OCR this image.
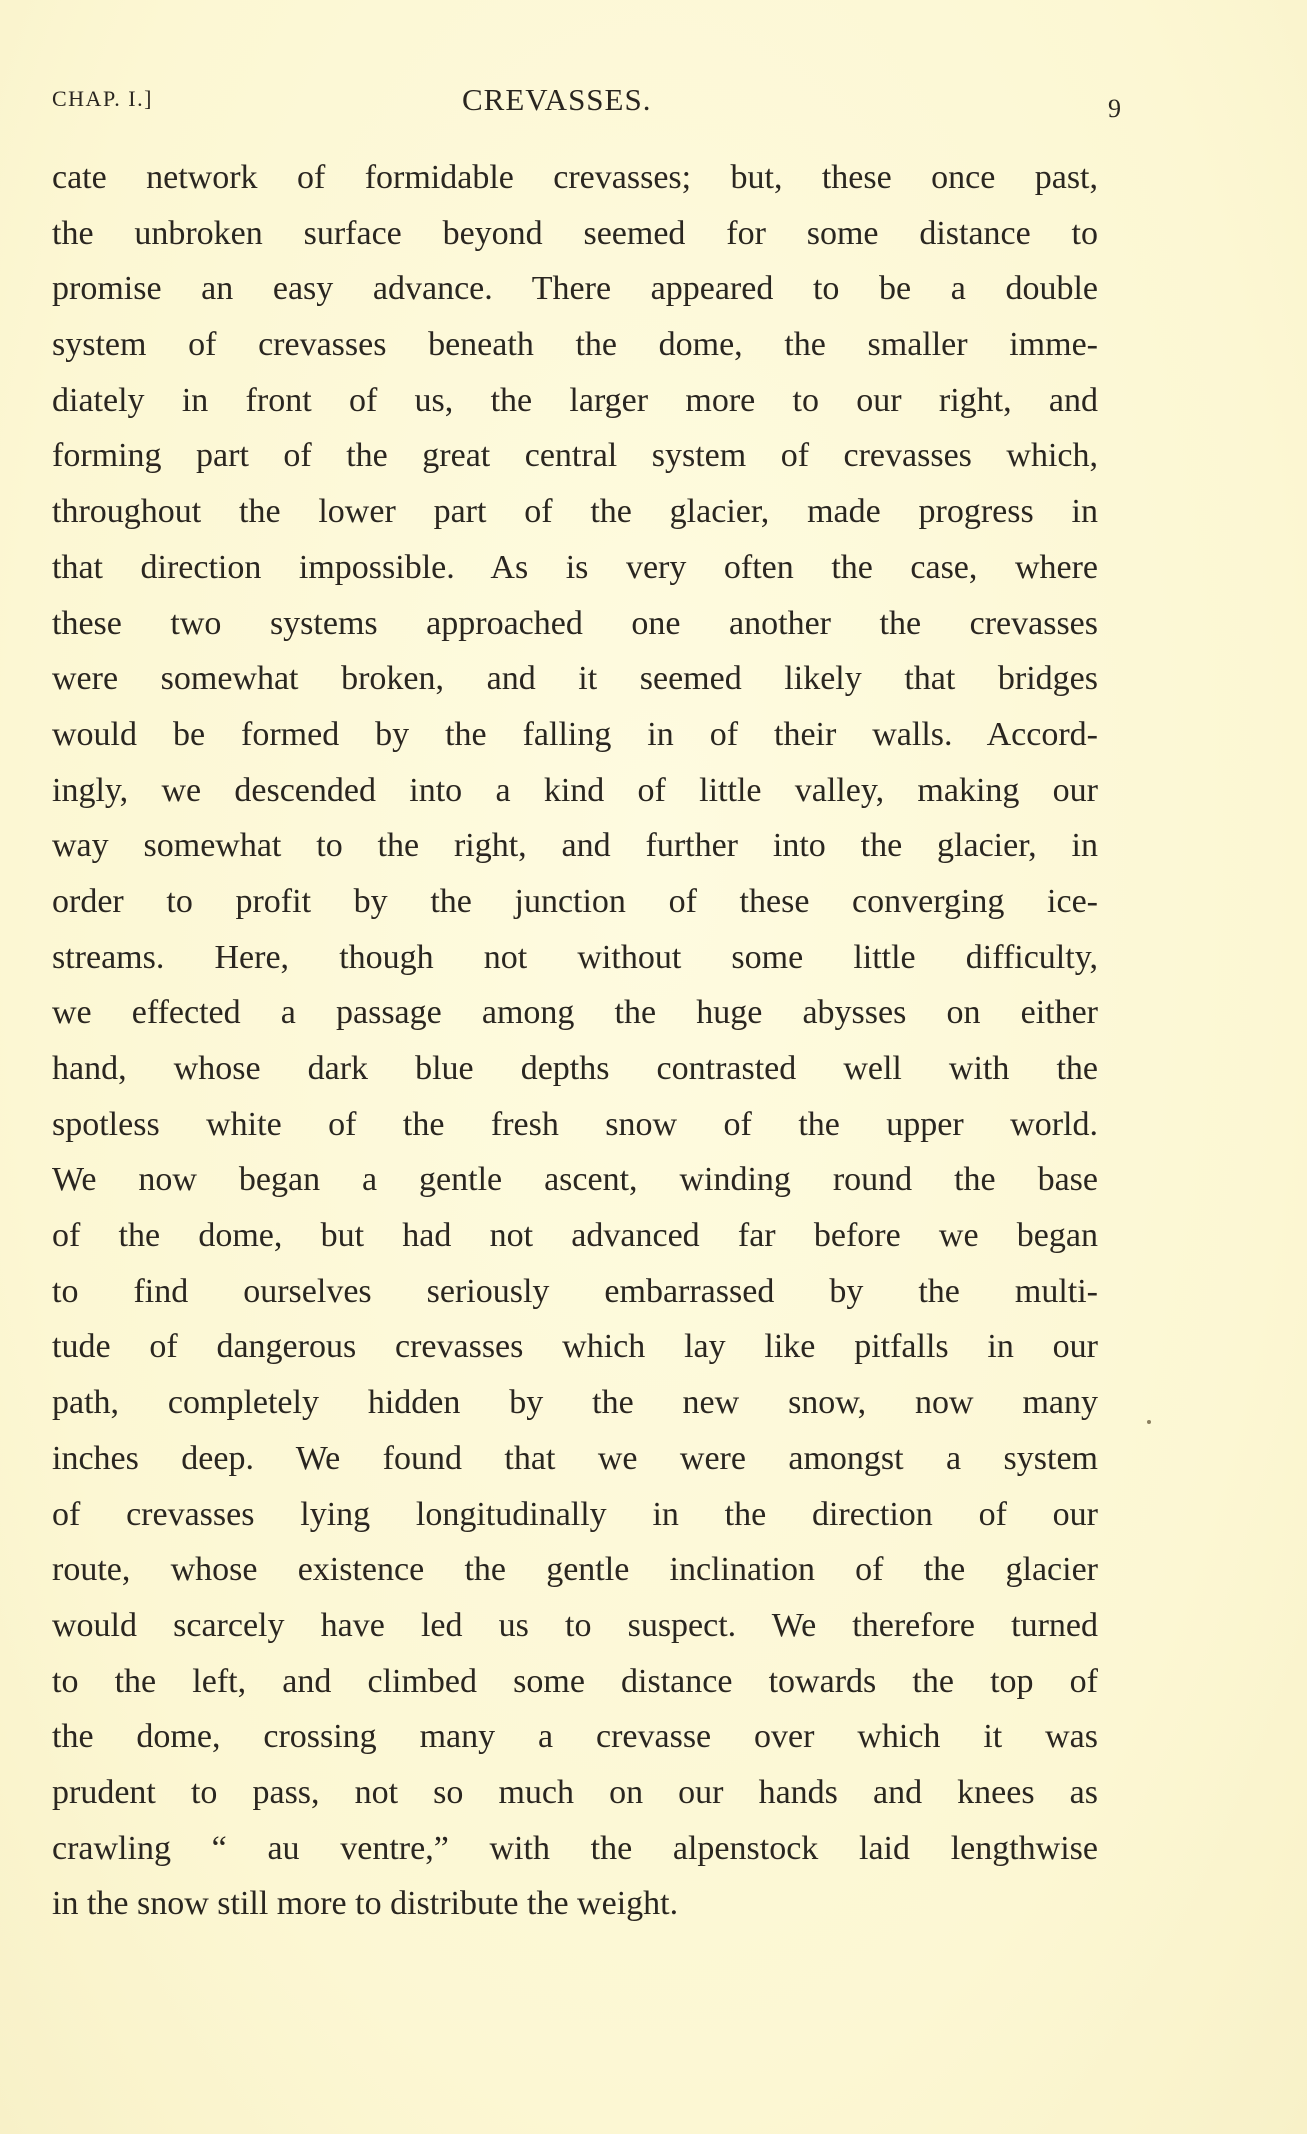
CHAP. I.]	CREVASSES.	9
cate network of formidable crevasses; but, these once past,
the unbroken surface beyond seemed for some distance to
promise an easy advance. There appeared to be a double
system of crevasses beneath the dome, the smaller imme-
diately in front of us, the larger more to our right, and
forming part of the great central system of crevasses which,
throughout the lower part of the glacier, made progress in
that direction impossible. As is very often the case, where
these two systems approached one another the crevasses
were somewhat broken, and it seemed likely that bridges
would be formed by the falling in of their walls. Accord-
ingly, we descended into a kind of little valley, making our
way somewhat to the right, and further into the glacier, in
order to profit by the junction of these converging ice-
streams. Here, though not without some little difficulty,
we effected a passage among the huge abysses on either
hand, whose dark blue depths contrasted well with the
spotless white of the fresh snow of the upper world.
We now began a gentle ascent, winding round the base
of the dome, but had not advanced far before we began
to find ourselves seriously embarrassed by the multi-
tude of dangerous crevasses which lay like pitfalls in our
path, completely hidden by the new snow, now many
inches deep. We found that we were amongst a system
of crevasses lying longitudinally in the direction of our
route, whose existence the gentle inclination of the glacier
would scarcely have led us to suspect. We therefore turned
to the left, and climbed some distance towards the top of
the dome, crossing many a crevasse over which it was
prudent to pass, not so much on our hands and knees as
crawling “ au ventre,” with the alpenstock laid lengthwise
in the snow still more to distribute the weight.
